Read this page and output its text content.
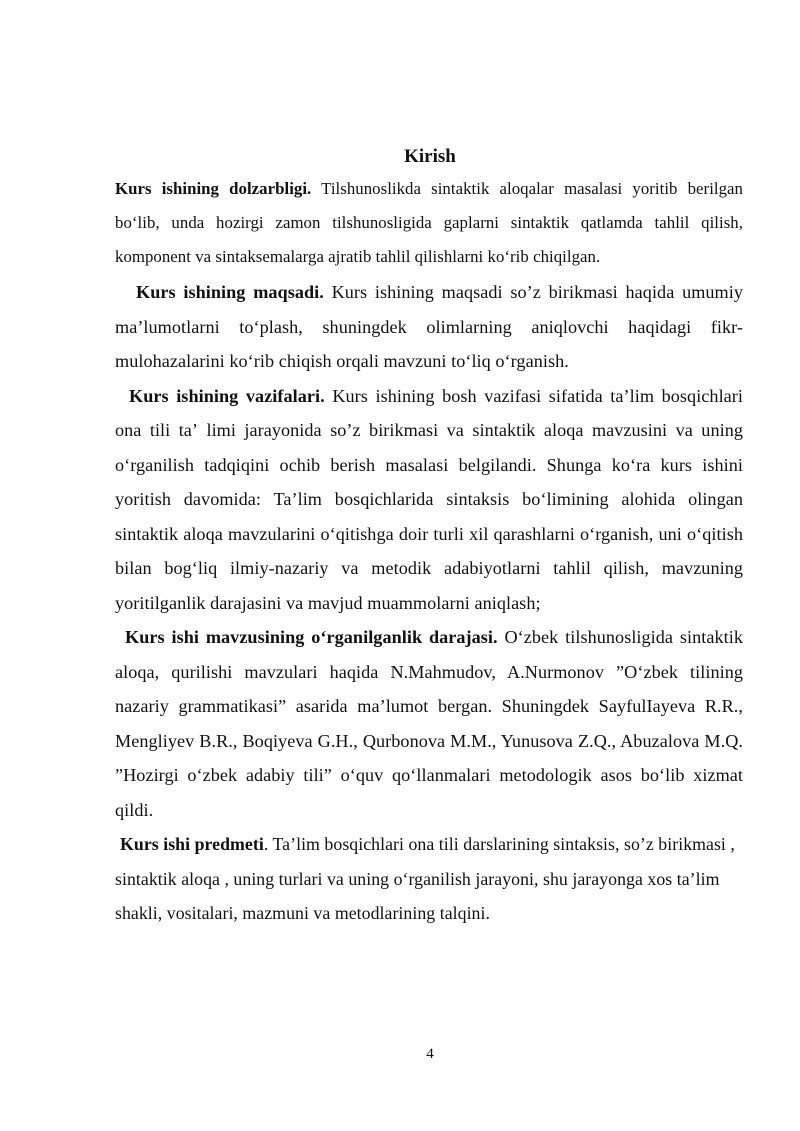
Kirish

Kurs ishining dolzarbligi. Tilshunoslikda sintaktik aloqalar masalasi yoritib berilgan boʻlib, unda hozirgi zamon tilshunosligida gaplarni sintaktik qatlamda tahlil qilish, komponent va sintaksemalarga ajratib tahlil qilishlarni koʻrib chiqilgan.

Kurs ishining maqsadi. Kurs ishining maqsadi soʼz birikmasi haqida umumiy maʼlumotlarni toʻplash, shuningdek olimlarning aniqlovchi haqidagi fikr-mulohazalarini koʻrib chiqish orqali mavzuni toʻliq oʻrganish.

Kurs ishining vazifalari. Kurs ishining bosh vazifasi sifatida taʼlim bosqichlari ona tili taʼ limi jarayonida soʼz birikmasi va sintaktik aloqa mavzusini va uning oʻrganilish tadqiqini ochib berish masalasi belgilandi. Shunga koʻra kurs ishini yoritish davomida: Taʼlim bosqichlarida sintaksis boʻlimining alohida olingan sintaktik aloqa mavzularini oʻqitishga doir turli xil qarashlarni oʻrganish, uni oʻqitish bilan bogʻliq ilmiy-nazariy va metodik adabiyotlarni tahlil qilish, mavzuning yoritilganlik darajasini va mavjud muammolarni aniqlash;

Kurs ishi mavzusining oʻrganilganlik darajasi. Oʻzbek tilshunosligida sintaktik aloqa, qurilishi mavzulari haqida N.Mahmudov, A.Nurmonov ”Oʻzbek tilining nazariy grammatikasi” asarida maʼlumot bergan. Shuningdek SayfulIayeva R.R., Mengliyev B.R., Boqiyeva G.H., Qurbonova M.M., Yunusova Z.Q., Abuzalova M.Q. ”Hozirgi oʻzbek adabiy tili” oʻquv qoʻllanmalari metodologik asos boʻlib xizmat qildi.

Kurs ishi predmeti. Taʼlim bosqichlari ona tili darslarining sintaksis, soʼz birikmasi , sintaktik aloqa , uning turlari va uning oʻrganilish jarayoni, shu jarayonga xos taʼlim shakli, vositalari, mazmuni va metodlarining talqini.

4
